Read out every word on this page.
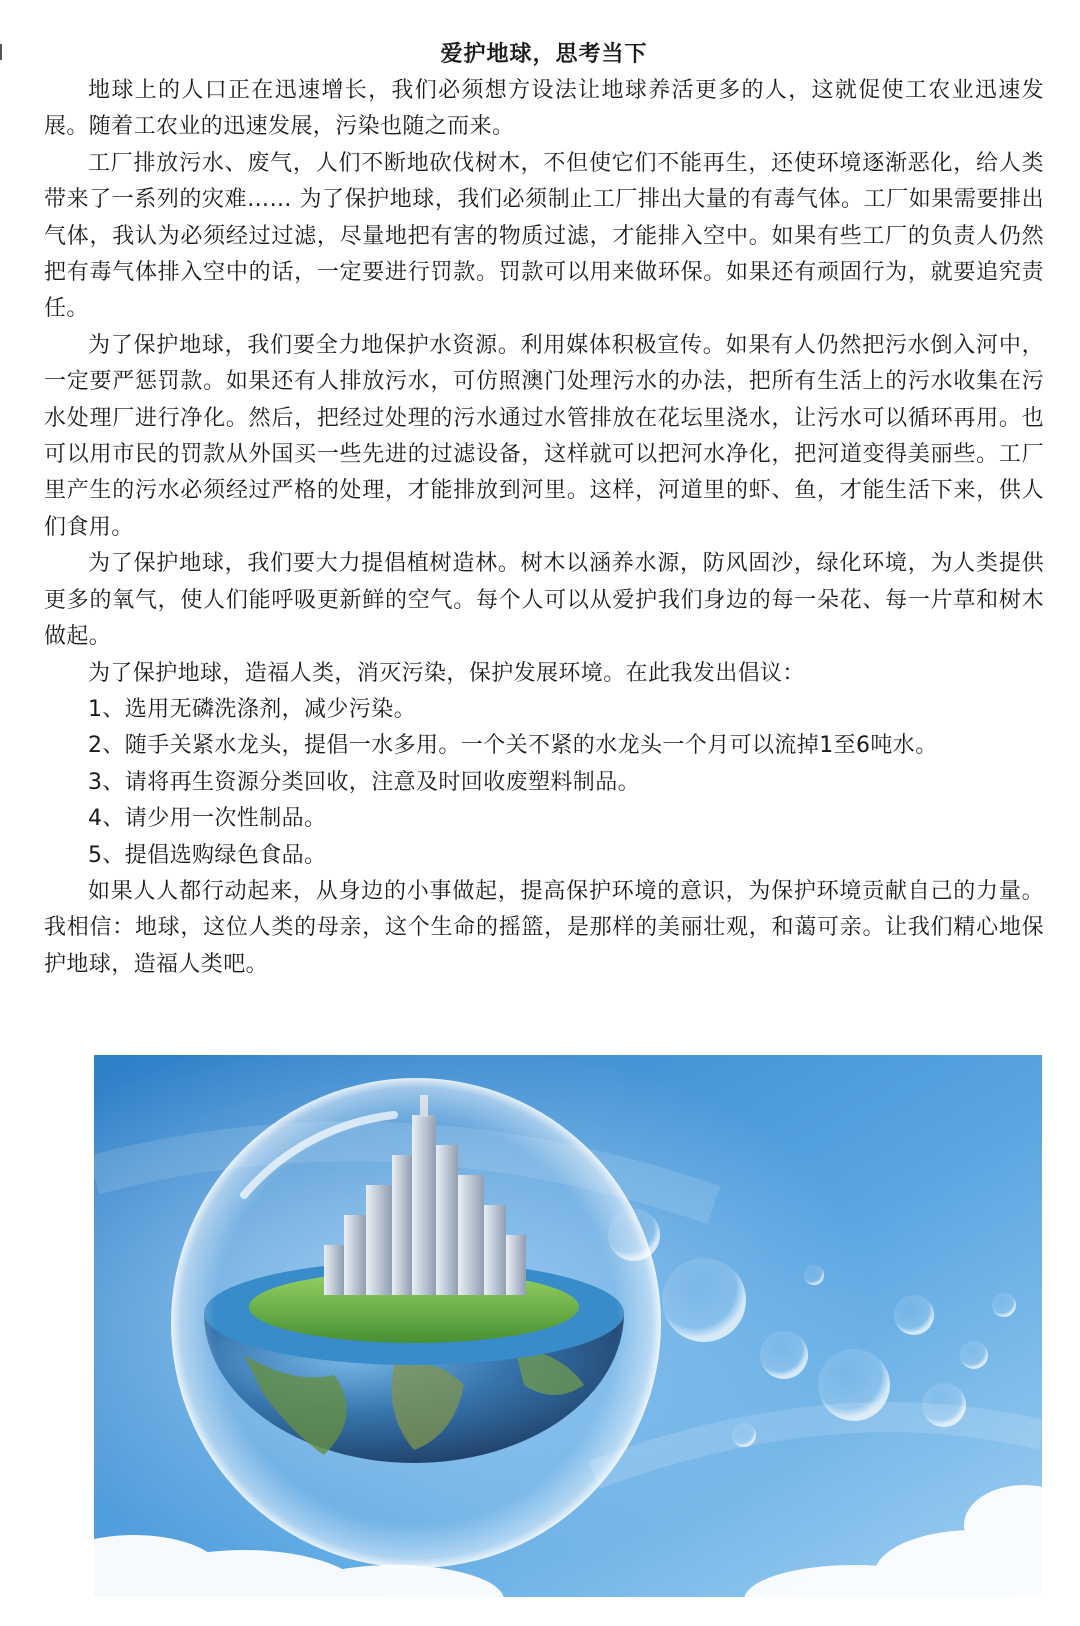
爱护地球，思考当下

地球上的人口正在迅速增长，我们必须想方设法让地球养活更多的人，这就促使工农业迅速发展。随着工农业的迅速发展，污染也随之而来。

工厂排放污水、废气，人们不断地砍伐树木，不但使它们不能再生，还使环境逐渐恶化，给人类带来了一系列的灾难…… 为了保护地球，我们必须制止工厂排出大量的有毒气体。工厂如果需要排出气体，我认为必须经过过滤，尽量地把有害的物质过滤，才能排入空中。如果有些工厂的负责人仍然把有毒气体排入空中的话，一定要进行罚款。罚款可以用来做环保。如果还有顽固行为，就要追究责任。

为了保护地球，我们要全力地保护水资源。利用媒体积极宣传。如果有人仍然把污水倒入河中，一定要严惩罚款。如果还有人排放污水，可仿照澳门处理污水的办法，把所有生活上的污水收集在污水处理厂进行净化。然后，把经过处理的污水通过水管排放在花坛里浇水，让污水可以循环再用。也可以用市民的罚款从外国买一些先进的过滤设备，这样就可以把河水净化，把河道变得美丽些。工厂里产生的污水必须经过严格的处理，才能排放到河里。这样，河道里的虾、鱼，才能生活下来，供人们食用。

为了保护地球，我们要大力提倡植树造林。树木以涵养水源，防风固沙，绿化环境，为人类提供更多的氧气，使人们能呼吸更新鲜的空气。每个人可以从爱护我们身边的每一朵花、每一片草和树木做起。

为了保护地球，造福人类，消灭污染，保护发展环境。在此我发出倡议：

1、选用无磷洗涤剂，减少污染。

2、随手关紧水龙头，提倡一水多用。一个关不紧的水龙头一个月可以流掉1至6吨水。

3、请将再生资源分类回收，注意及时回收废塑料制品。

4、请少用一次性制品。

5、提倡选购绿色食品。

如果人人都行动起来，从身边的小事做起，提高保护环境的意识，为保护环境贡献自己的力量。我相信：地球，这位人类的母亲，这个生命的摇篮，是那样的美丽壮观，和蔼可亲。让我们精心地保护地球，造福人类吧。
